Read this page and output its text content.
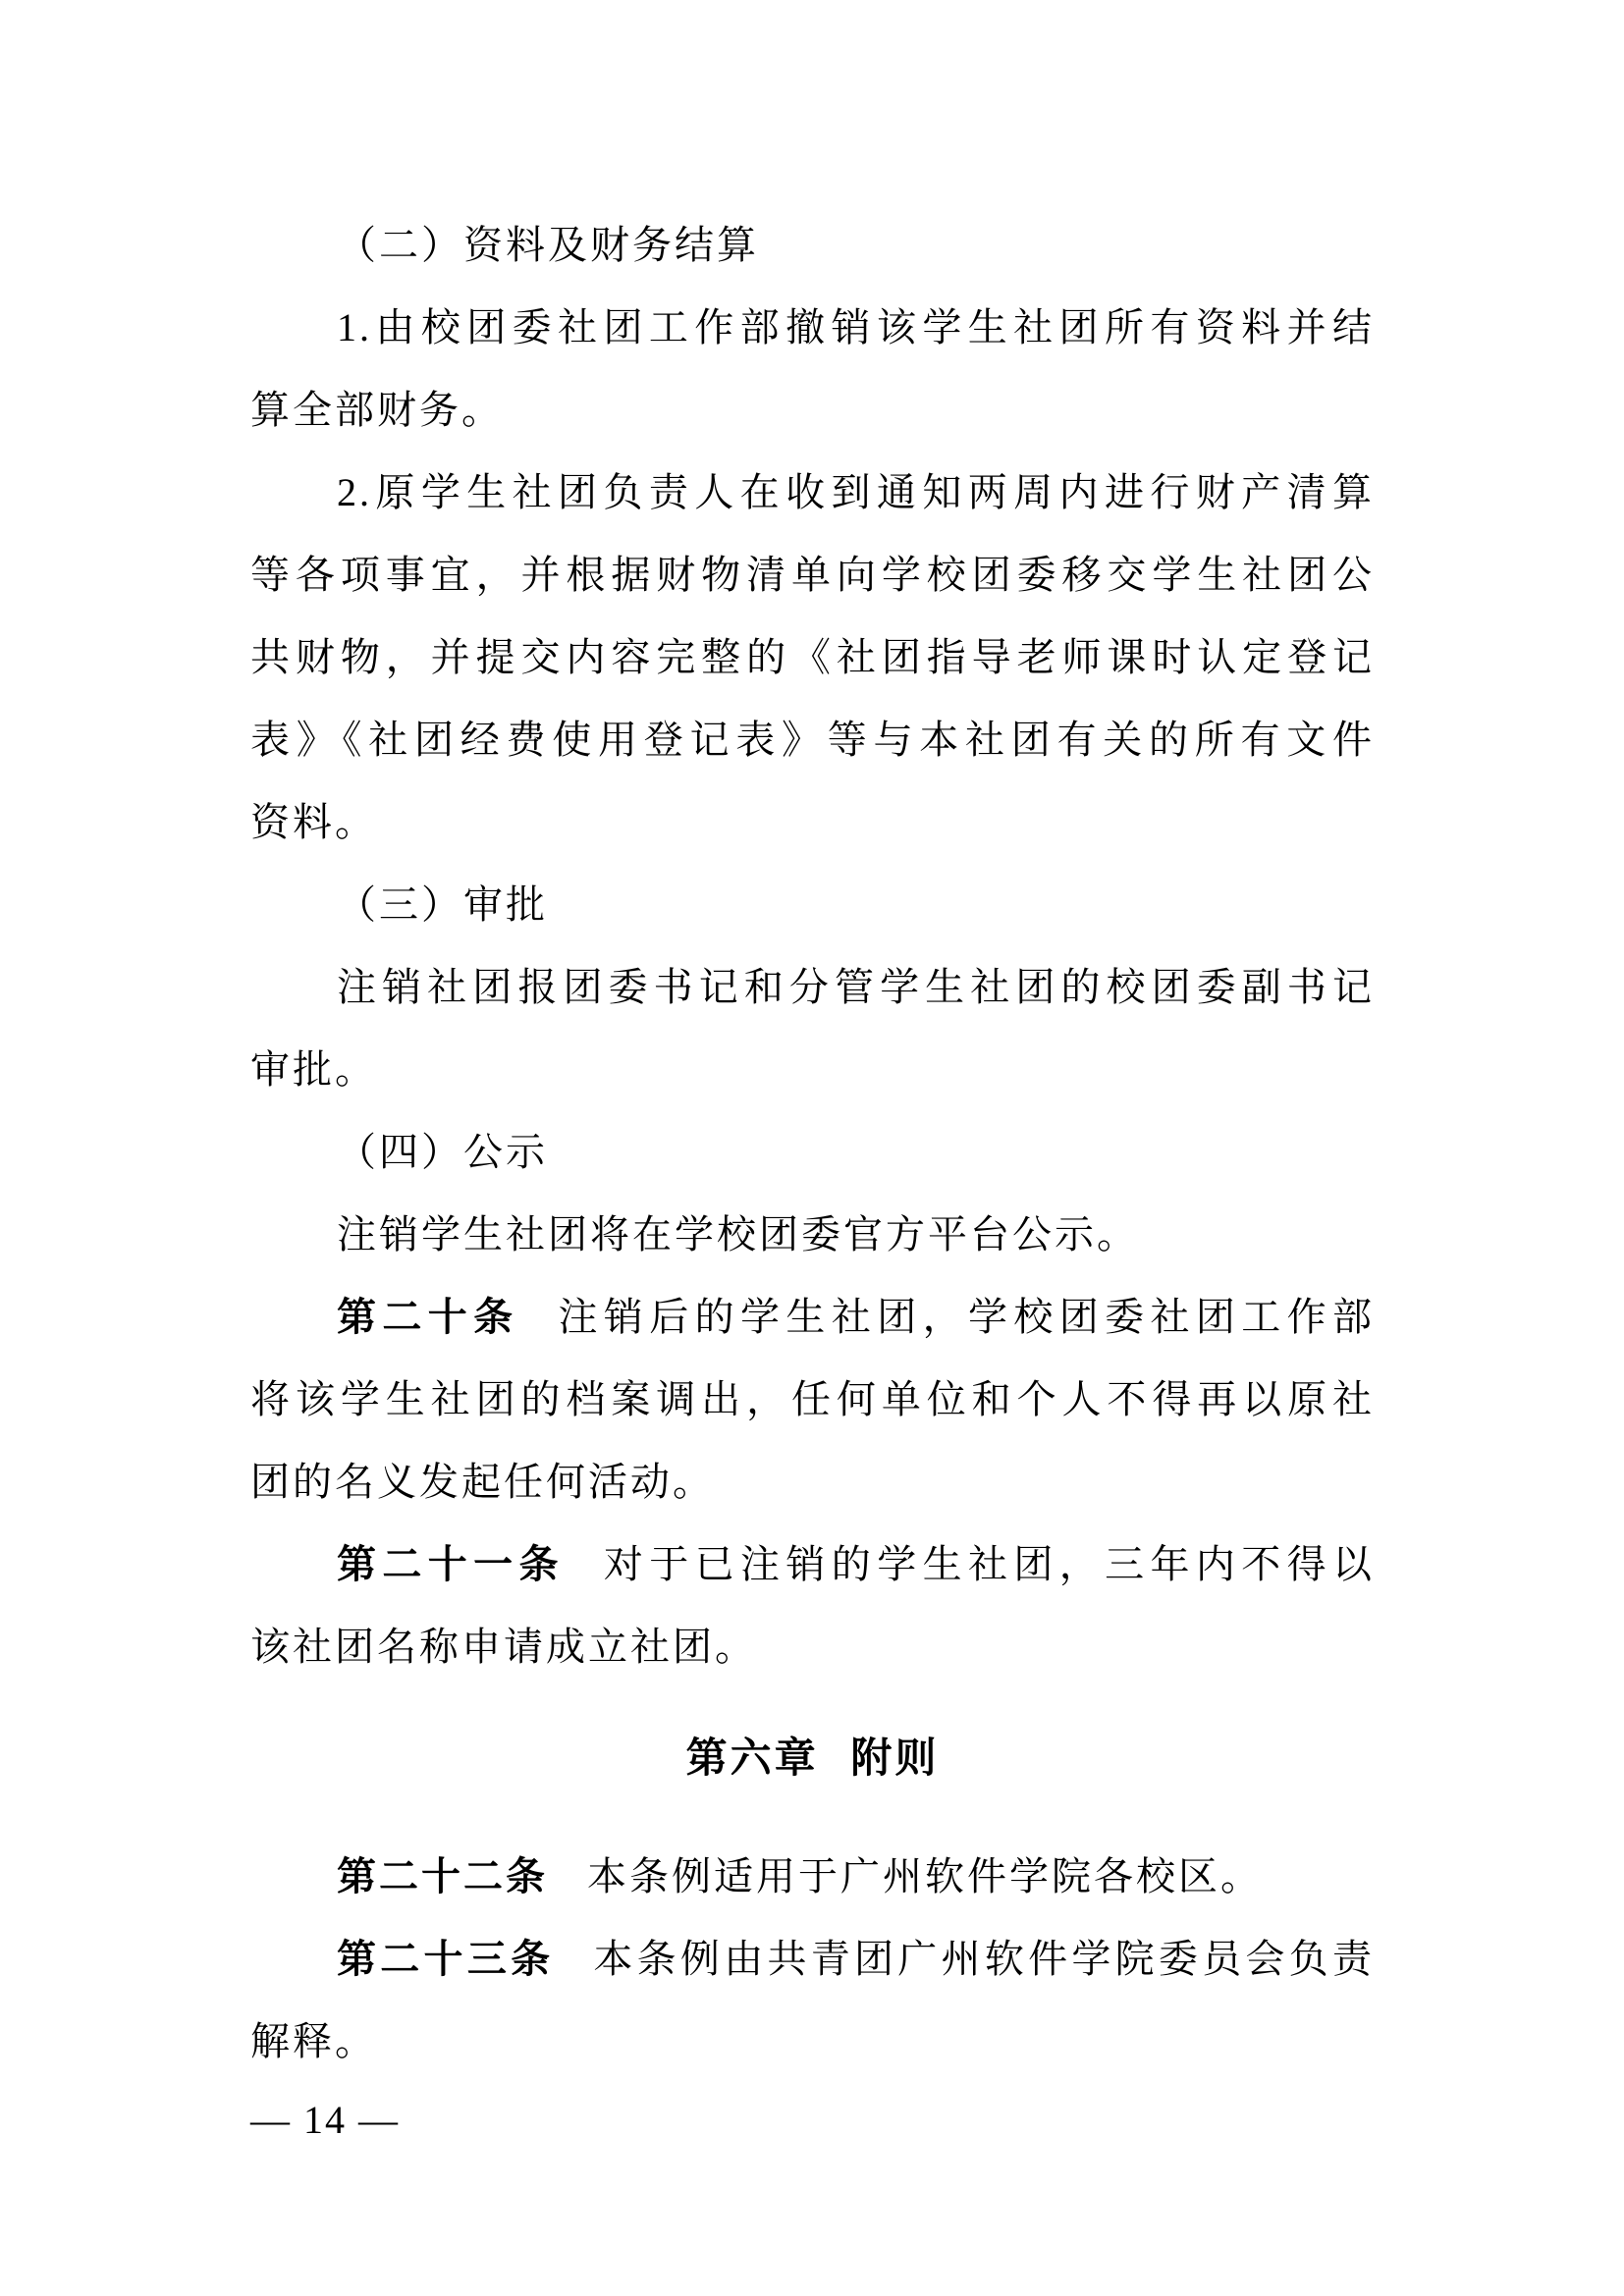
（二）资料及财务结算
1.由校团委社团工作部撤销该学生社团所有资料并结
算全部财务。
2.原学生社团负责人在收到通知两周内进行财产清算
等各项事宜，并根据财物清单向学校团委移交学生社团公
共财物，并提交内容完整的《社团指导老师课时认定登记
表》《社团经费使用登记表》等与本社团有关的所有文件
资料。
（三）审批
注销社团报团委书记和分管学生社团的校团委副书记
审批。
（四）公示
注销学生社团将在学校团委官方平台公示。
第二十条 注销后的学生社团，学校团委社团工作部
将该学生社团的档案调出，任何单位和个人不得再以原社
团的名义发起任何活动。
第二十一条 对于已注销的学生社团，三年内不得以
该社团名称申请成立社团。
第六章 附则
第二十二条 本条例适用于广州软件学院各校区。
第二十三条 本条例由共青团广州软件学院委员会负责
解释。
— 14 —
